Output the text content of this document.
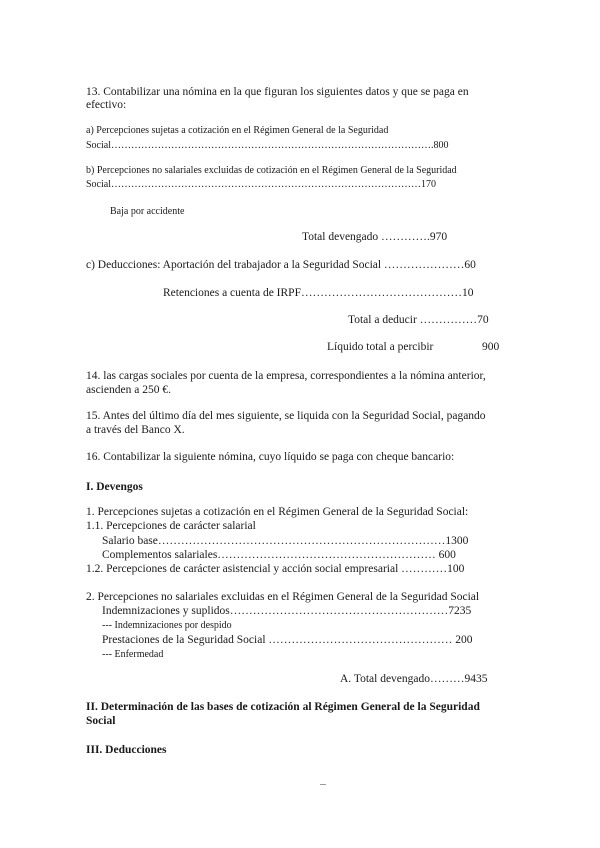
13. Contabilizar una nómina en la que figuran los siguientes datos y que se paga en
efectivo:
a) Percepciones sujetas a cotización en el Régimen General de la Seguridad
Social…………………………………………………………………………………….800
b) Percepciones no salariales excluidas de cotización en el Régimen General de la Seguridad
Social…………………………………………………………………………………170
Baja por accidente
Total devengado ………….970
c) Deducciones: Aportación del trabajador a la Seguridad Social …………………60
Retenciones a cuenta de IRPF……………………………………10
Total a deducir ……………70
Líquido total a percibir	900
14. las cargas sociales por cuenta de la empresa, correspondientes a la nómina anterior,
ascienden a 250 €.
15. Antes del último día del mes siguiente, se liquida con la Seguridad Social, pagando
a través del Banco X.
16. Contabilizar la siguiente nómina, cuyo líquido se paga con cheque bancario:
I. Devengos
1. Percepciones sujetas a cotización en el Régimen General de la Seguridad Social:
1.1. Percepciones de carácter salarial
Salario base…………………………………………………………………1300
Complementos salariales………………………………………………… 600
1.2. Percepciones de carácter asistencial y acción social empresarial …………100
2. Percepciones no salariales excluidas en el Régimen General de la Seguridad Social
Indemnizaciones y suplidos…………………………………………………7235
--- Indemnizaciones por despido
Prestaciones de la Seguridad Social ………………………………………… 200
--- Enfermedad
A. Total devengado………9435
II. Determinación de las bases de cotización al Régimen General de la Seguridad
Social
III. Deducciones
